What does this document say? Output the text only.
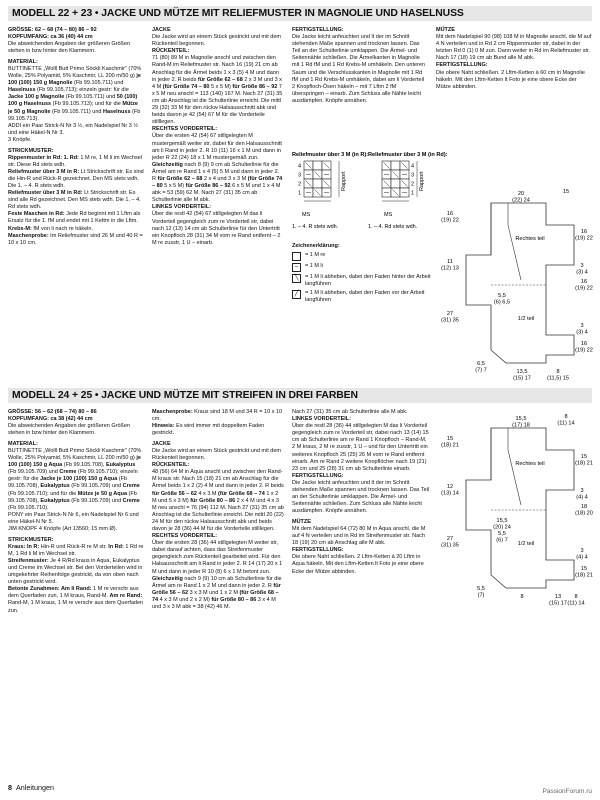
MODELL 22 + 23 • JACKE UND MÜTZE MIT RELIEFMUSTER IN MAGNOLIE UND HASELNUSS

GRÖSSE: 62 – 68 (74 – 80) 86 – 92

KOPFUMFANG: ca 36 (40) 44 cm

Die abweichenden Angaben der größeren Größen stehen in bzw hinter den Klammern.

MATERIAL:

BUTTINETTE „Wolll Butt Primo Söckli Kaschmir" (70% Wolle, 25% Polyamid, 5% Kaschmir, LL 200 m/50 g) je 100 (100) 150 g Magnolie (Fb 99.105.711) und Haselnuss (Fb 99.105.713); einzeln gestr: für die Jacke 100 g Magnolie (Fb 99.105.711) und 50 (100) 100 g Haselnuss (Fb 99.105.713); und für die Mütze je 50 g Magnolie (Fb 99.105.711) und Haselnuss (Fb 99.105.713).

ADDI ein Paar Strick-N Nr 3 ½, ein Nadelspiel Nr 3 ½ und eine Häkel-N Nr 3.

3 Knöpfe.

STRICKMUSTER:

Rippenmuster in Rd: 1. Rd: 1 M re, 1 M li im Wechsel str. Diese Rd stets wdh.

Reliefmuster über 3 M in R: Lt Strickschrift str. Es sind die Hin-R und Rück-R gezeichnet. Den MS stets wdh. Die 1. – 4. R stets wdh.

Reliefmuster über 3 M in Rd: Lt Strickschrift str. Es sind alle Rd gezeichnet. Den MS stets wdh. Die 1. – 4. Rd stets wdh.

Feste Maschen in Rd: Jede Rd beginnt mit 1 Lftm als Ersatz für die 1. fM und endet mit 1 Kettm in die Lftm.

Krebs-M: fM von li nach re häkeln.

Maschenprobe: Im Reliefmuster sind 26 M und 40 R = 10 x 10 cm.

JACKE

Die Jacke wird an einem Stück gestrickt und mit dem Rückenteil begonnen.

RÜCKENTEIL:

71 (80) 89 M in Magnolie anschl und zwischen den Rand-M im Reliefmuster str. Nach 16 (19) 21 cm ab Anschlag für die Ärmel beids 1 x 3 (5) 4 M und dann in jeder 2. R beids für Größe 62 – 68 2 x 3 M und 3 x 4 M (für Größe 74 – 80 5 x 5 M) für Größe 86 – 92 7 x 5 M neu anschl = 113 (140) 167 M. Nach 27 (31) 35 cm ab Anschlag ist die Schulterlinie erreicht. Die mittl 29 (32) 33 M für den rückw Halsausschnitt abk und beids davon je 42 (54) 67 M für die Vorderteile stilllegen.

RECHTES VORDERTEIL:

Über die ersten 42 (54) 67 stillgelegten M mustergemäß weiter str, dabei für den Halsausschnitt am li Rand in jeder 2. R 10 (11) 16 x 1 M und dann in jeder R 22 (24) 18 x 1 M mustergemäß zun. Gleichzeitig nach 8 (9) 9 cm ab Schulterlinie für die Ärmel am re Rand 1 x 4 (5) 5 M und dann in jeder 2. R für Größe 62 – 68 2 x 4 und 3 x 3 M (für Größe 74 – 80 5 x 5 M) für Größe 86 – 92 6 x 5 M und 1 x 4 M abk = 53 (59) 62 M. Nach 27 (31) 35 cm ab Schulterlinie alle M abk.

LINKES VORDERTEIL:

Über die restl 42 (54) 67 stillgelegten M das li Vorderteil gegengleich zum re Vorderteil str, dabei nach 12 (13) 14 cm ab Schulterlinie für den Untertritt ein Knopfloch 28 (31) 34 M vom re Rand entfernt – 2 M re zusstr, 1 U – einarb.

FERTIGSTELLUNG:

Die Jacke leicht anfeuchten und lt der im Schnitt stehenden Maße spannen und trocknen lassen. Das Teil an der Schulterlinie umklappen. Die Ärmel- und Seitennähte schließen. Die Ärmelkanten in Magnolie mit 1 Rd fM und 1 Rd Krebs-M umhäkeln. Den unteren Saum und die Verschlusskanten in Magnolie mit 1 Rd fM und 1 Rd Krebs-M umhäkeln, dabei am li Vorderteil 2 Knopfloch-Ösen häkeln – mit 7 Lftm 2 fM überspringen – einarb. Zum Schluss alle Nähte leicht ausdämpfen. Knöpfe annähen.

MÜTZE

Mit dem Nadelspiel 90 (98) 108 M in Magnolie anschl, die M auf 4 N verteilen und in Rd 2 cm Rippenmuster str, dabei in der letzten Rd 0 (1) 0 M zun. Dann weiter in Rd im Reliefmuster str. Nach 17 (18) 19 cm ab Bund alle M abk.

FERTIGSTELLUNG:

Die obere Naht schließen. 2 Lftm-Ketten à 60 cm in Magnolie häkeln. Mit den Lftm-Ketten lt Foto je eine obere Ecke der Mütze abbinden.

Reliefmuster über 3 M (in R): Reliefmuster über 3 M (in Rd):
4
3
2
1
Rapport
4
3
2
1
Rapport
MS	MS
1. – 4. R stets wdh.	1. – 4. Rd stets wdh.

Zeichenerklärung:

= 1 M re
–	= 1 M li
╲	= 1 M li abheben, dabei den Faden hinter der Arbeit langführen
╱	= 1 M li abheben, dabei den Faden vor der Arbeit langführen
20
(22) 24
15
Rechtes teil
1/2 teil
16
(19) 22
11
(12) 13
27
(31) 35
6,5
(7) 7
16
(19) 22
3
(3) 4
16
(19) 22
3
(3) 4
16
(19) 22
5,5
(6) 6,5
13,5
(15) 17
8
(11,5) 15
MODELL 24 + 25 • JACKE UND MÜTZE MIT STREIFEN IN DREI FARBEN

GRÖSSE: 56 – 62 (68 – 74) 80 – 86

KOPFUMFANG: ca 38 (42) 44 cm

Die abweichenden Angaben der größeren Größen stehen in bzw hinter den Klammern.

MATERIAL:

BUTTINETTE „Wolll Butt Primo Söckli Kaschmir" (70% Wolle, 25% Polyamid, 5% Kaschmir, LL 200 m/50 g) je 100 (100) 150 g Aqua (Fb 99.105.708), Eukalyptus (Fb 99.105.709) und Creme (Fb 99.105.710); einzeln gestr: für die Jacke je 100 (100) 150 g Aqua (Fb 99.105.708), Eukalyptus (Fb 99.105.709) und Creme (Fb 99.105.710); und für die Mütze je 50 g Aqua (Fb 99.105.708), Eukalyptus (Fb 99.105.709) und Creme (Fb 99.105.710).

PONY ein Paar Strick-N Nr 6, ein Nadelspiel Nr 6 und eine Häkel-N Nr 5.

JIM KNOPF 4 Knöpfe (Art 13560; 15 mm Ø).

STRICKMUSTER:

Kraus: In R: Hin-R und Rück-R re M str. In Rd: 1 Rd re M, 1 Rd li M im Wechsel str.

Streifenmuster: Je 4 R/Rd kraus in Aqua, Eukalyptus und Creme im Wechsel str. Bei den Vorderteilen wird in umgekehrter Reihenfolge gestrickt, da von oben nach unten gestrickt wird.

Betonte Zunahmen: Am li Rand: 1 M re verschr aus dem Querfaden zun, 1 M kraus, Rand-M. Am re Rand: Rand-M, 1 M kraus, 1 M re verschr aus dem Querfaden zun.

Maschenprobe: Kraus sind 18 M und 34 R = 10 x 10 cm.

Hinweis: Es wird immer mit doppeltem Faden gestrickt.

JACKE

Die Jacke wird an einem Stück gestrickt und mit dem Rückenteil begonnen.

RÜCKENTEIL:

48 (56) 64 M in Aqua anschl und zwischen den Rand-M kraus str. Nach 15 (18) 21 cm ab Anschlag für die Ärmel beids 1 x 2 (2) 4 M und dann in jeder 2. R beids für Größe 56 – 62 4 x 3 M (für Größe 68 – 74 1 x 2 M und 5 x 3 M) für Größe 80 – 86 2 x 4 M und 4 x 3 M neu anschl = 76 (94) 112 M. Nach 27 (31) 35 cm ab Anschlag ist die Schulterlinie erreicht. Die mittl 20 (22) 24 M für den rückw Halsausschnitt abk und beids davon je 28 (36) 44 M für die Vorderteile stilllegen.

RECHTES VORDERTEIL:

Über die ersten 28 (36) 44 stillgelegten M weiter str, dabei darauf achten, dass das Streifenmuster gegengleich zum Rückenteil gearbeitet wird. Für den Halsausschnitt am li Rand in jeder 2. R 14 (17) 20 x 1 M und dann in jeder R 10 (8) 6 x 1 M betont zun. Gleichzeitig nach 9 (9) 10 cm ab Schulterlinie für die Ärmel am re Rand 1 x 2 M und dann in jeder 2. R für Größe 56 – 62 3 x 3 M und 1 x 2 M (für Größe 68 – 74 4 x 3 M und 2 x 2 M) für Größe 80 – 86 3 x 4 M und 3 x 3 M abk = 38 (42) 46 M.

Nach 27 (31) 35 cm ab Schulterlinie alle M abk.

LINKES VORDERTEIL:

Über die restl 28 (36) 44 stillgelegten M das li Vorderteil gegengleich zum re Vorderteil str, dabei nach 13 (14) 15 cm ab Schulterlinie am re Rand 1 Knopfloch – Rand-M, 2 M kraus, 2 M re zusstr, 1 U – und für den Untertritt ein weiteres Knopfloch 25 (25) 26 M vom re Rand entfernt einarb. Am re Rand 2 weitere Knopflöcher nach 19 (21) 23 cm und 25 (28) 31 cm ab Schulterlinie einarb.

FERTIGSTELLUNG:

Die Jacke leicht anfeuchten und lt der im Schnitt stehenden Maße spannen und trocknen lassen. Das Teil an der Schulterlinie umklappen. Die Ärmel- und Seitennähte schließen. Zum Schluss alle Nähte leicht ausdämpfen. Knöpfe annähen.

MÜTZE

Mit dem Nadelspiel 64 (72) 80 M in Aqua anschl, die M auf 4 N verteilen und in Rd im Streifenmuster str. Nach 18 (19) 20 cm ab Anschlag alle M abk.

FERTIGSTELLUNG:

Die obere Naht schließen. 2 Lftm-Ketten à 20 Lftm in Aqua häkeln. Mit den Lftm-Ketten lt Foto je eine obere Ecke der Mütze abbinden.

15,5
(17) 18
8
(11) 14
Rechtes teil
1/2 teil
15
(18) 21
12
(13) 14
27
(31) 35
5,5
(7)
15
(18) 21
3
(4) 4
18
(18) 20
3
(4) 4
15
(18) 21
15,5
(20) 24
5,5
(6) 7
8	13
(15) 17
8
(11) 14
8 Anleitungen	PassionForum.ru
